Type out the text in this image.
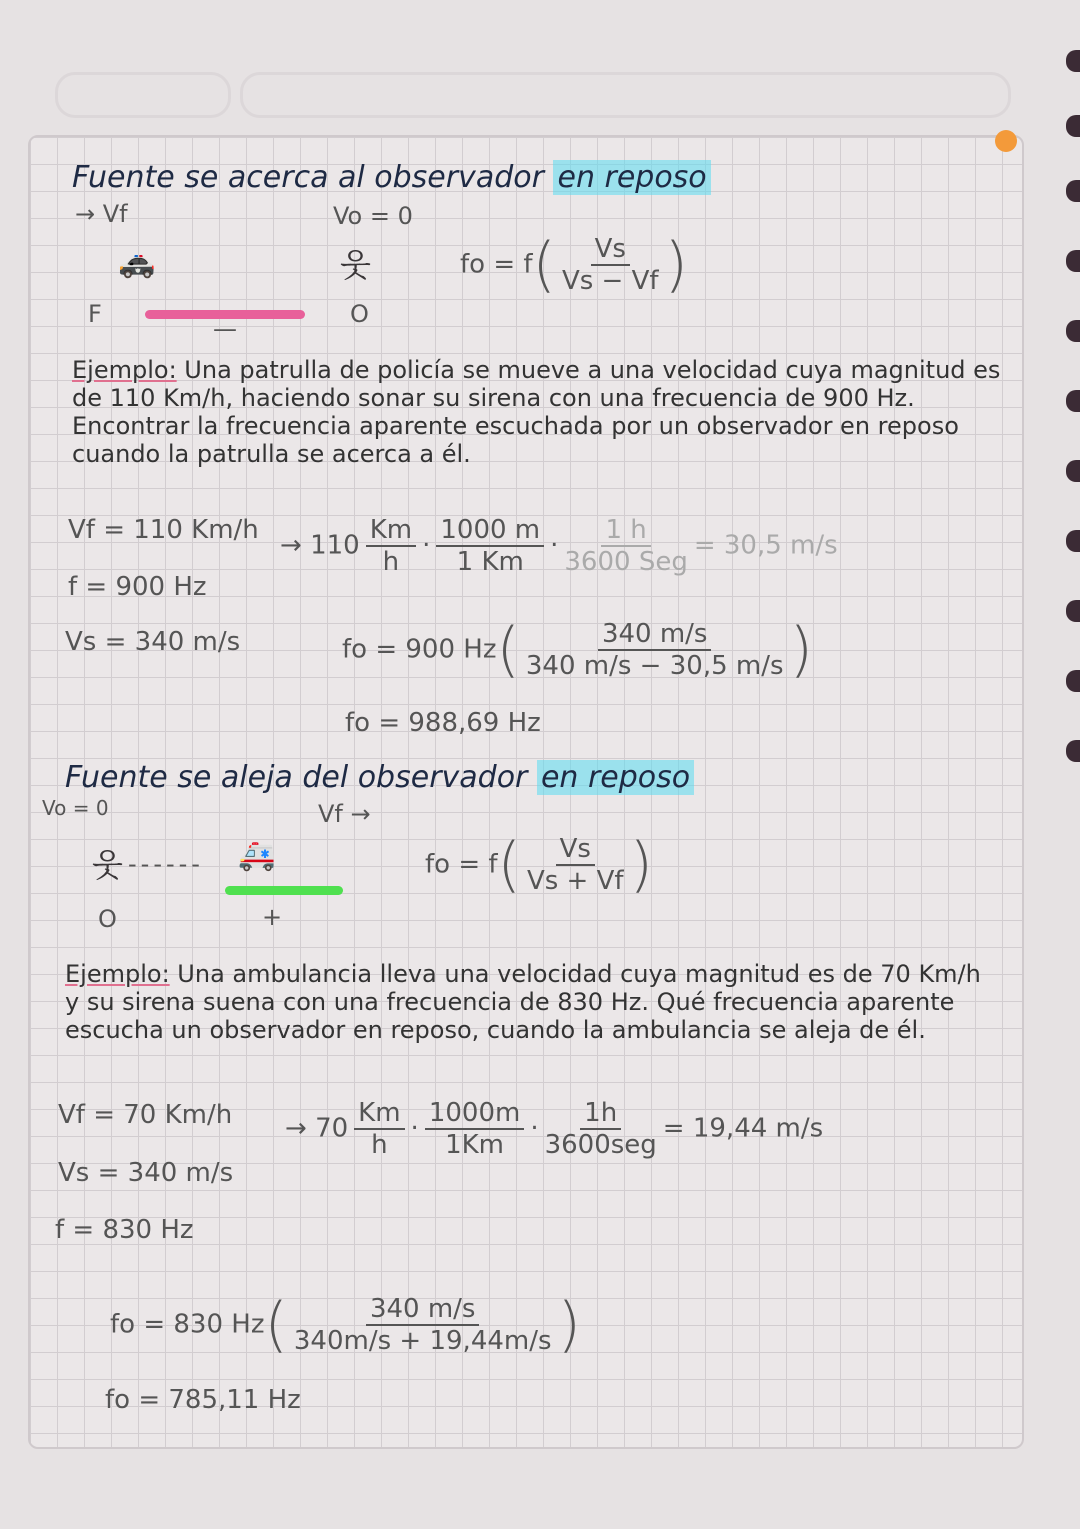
Fuente se acerca al observador en reposo
→ Vf	Vo = 0
🚓	웃
F
—
O
fo = $f( \frac{Vs}{Vs - Vf}$ )
Ejemplo: Una patrulla de policía se mueve a una velocidad cuya magnitud es de 110 Km/h, haciendo sonar su sirena con una frecuencia de 900 Hz. Encontrar la frecuencia aparente escuchada por un observador en reposo cuando la patrulla se acerca a él.
Vf = 110 Km/h
f = 900 Hz
Vs = 340 m/s
→ $110 \frac{Km}{h} \cdot \frac{1000 m}{1 Km} \cdot \frac{1 h}{\text{3600 Seg}} = 30,5$ m/s
fo = 900 $Hz( \frac{340 m/s}{340 m/s - 30,5 m/s}$ )
fo = 988,69 Hz
Fuente se aleja del observador en reposo
Vo = 0	Vf →
웃 ------ 🚑
O	+
fo = $f( \frac{Vs}{Vs + Vf}$ )
Ejemplo: Una ambulancia lleva una velocidad cuya magnitud es de 70 Km/h y su sirena suena con una frecuencia de 830 Hz. Qué frecuencia aparente escucha un observador en reposo, cuando la ambulancia se aleja de él.
Vf = 70 Km/h
Vs = 340 m/s
f = 830 Hz
→ $70 \frac{Km}{h} \cdot \frac{1000m}{1Km} \cdot \frac{1h}{\text{3600seg}} = 19,44$ m/s
fo = 830 $Hz( \frac{340 m/s}{340m/s + 19,44m/s}$ )
fo = 785,11 Hz
